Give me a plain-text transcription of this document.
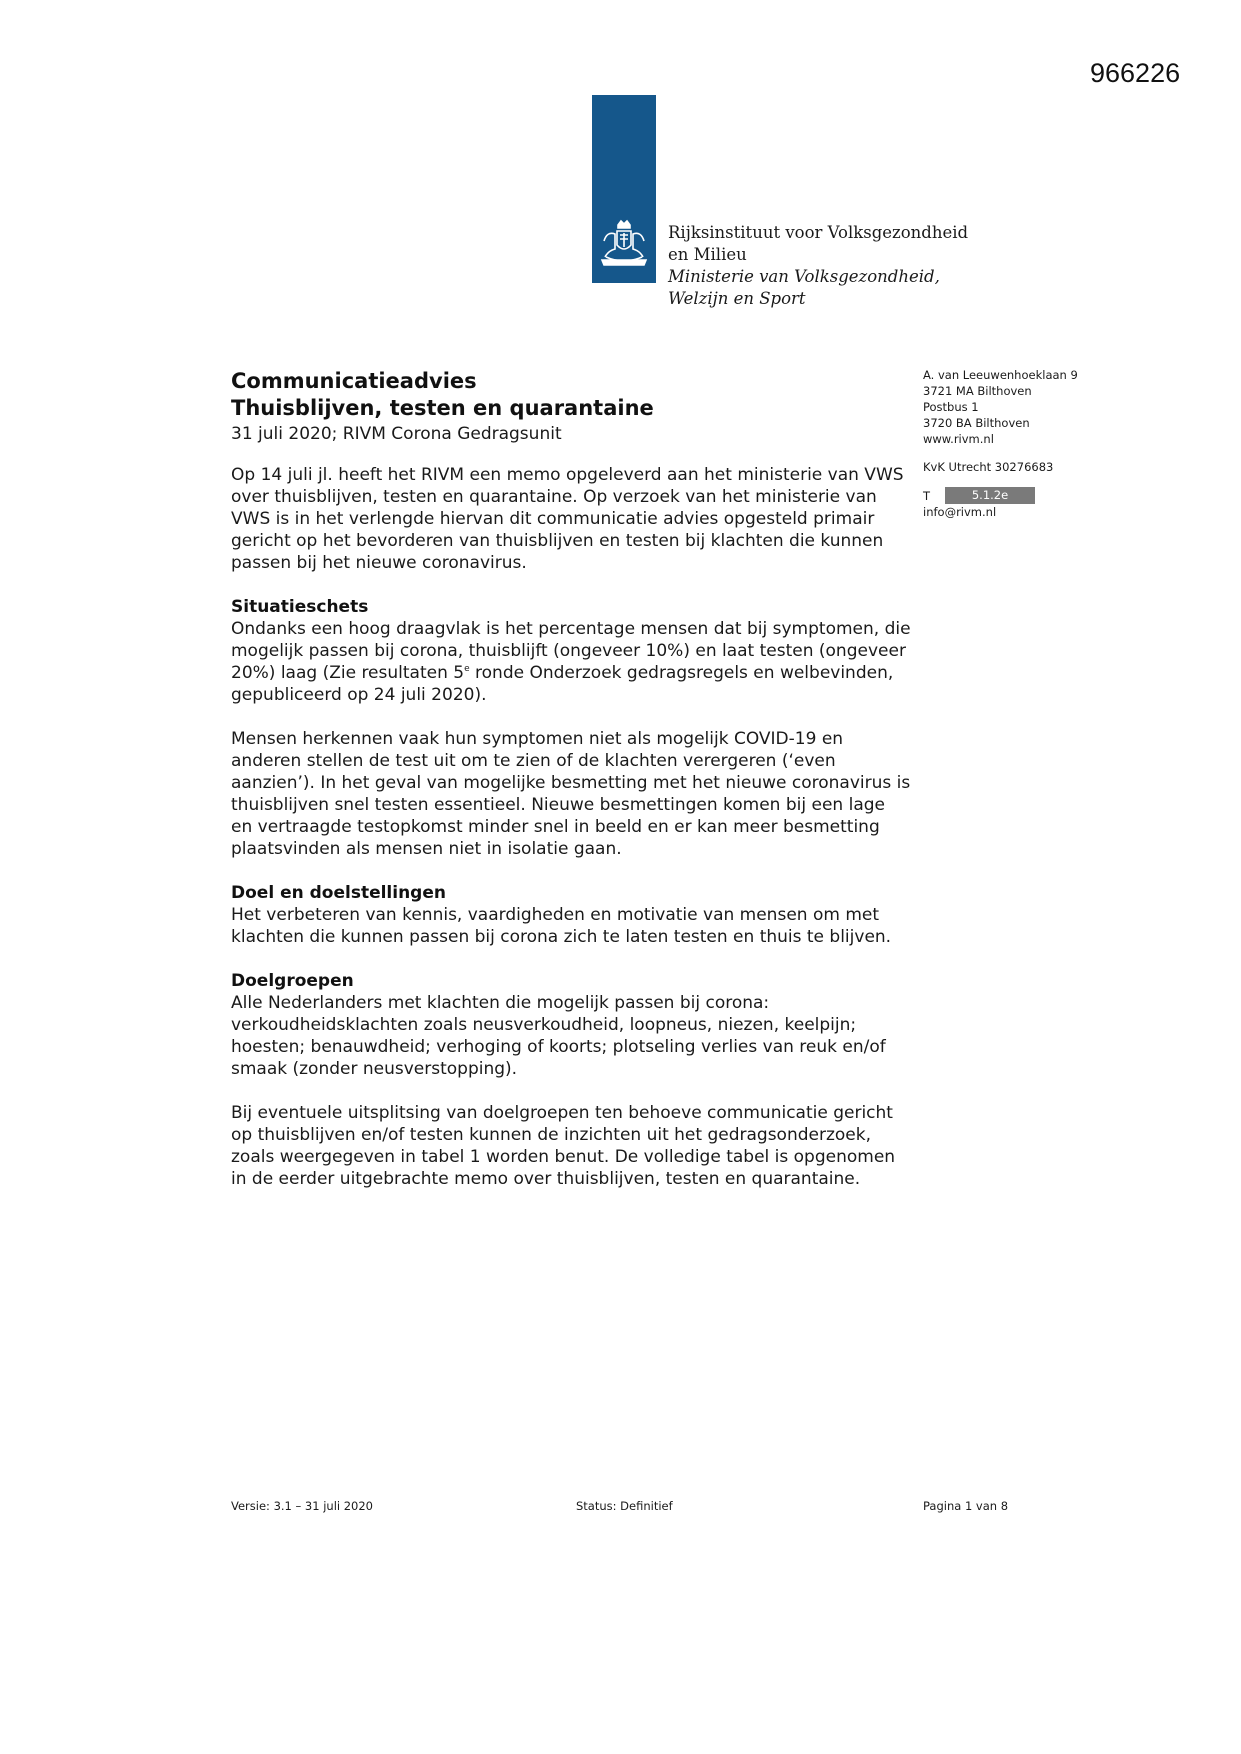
966226
Rijksinstituut voor Volksgezondheid
en Milieu
Ministerie van Volksgezondheid,
Welzijn en Sport
Communicatieadvies
Thuisblijven, testen en quarantaine
31 juli 2020; RIVM Corona Gedragsunit

Op 14 juli jl. heeft het RIVM een memo opgeleverd aan het ministerie van VWS over thuisblijven, testen en quarantaine. Op verzoek van het ministerie van VWS is in het verlengde hiervan dit communicatie advies opgesteld primair gericht op het bevorderen van thuisblijven en testen bij klachten die kunnen passen bij het nieuwe coronavirus.

Situatieschets

Ondanks een hoog draagvlak is het percentage mensen dat bij symptomen, die mogelijk passen bij corona, thuisblijft (ongeveer 10%) en laat testen (ongeveer 20%) laag (Zie resultaten 5e ronde Onderzoek gedragsregels en welbevinden, gepubliceerd op 24 juli 2020).

Mensen herkennen vaak hun symptomen niet als mogelijk COVID-19 en anderen stellen de test uit om te zien of de klachten verergeren (‘even aanzien’). In het geval van mogelijke besmetting met het nieuwe coronavirus is thuisblijven snel testen essentieel. Nieuwe besmettingen komen bij een lage en vertraagde testopkomst minder snel in beeld en er kan meer besmetting plaatsvinden als mensen niet in isolatie gaan.

Doel en doelstellingen

Het verbeteren van kennis, vaardigheden en motivatie van mensen om met klachten die kunnen passen bij corona zich te laten testen en thuis te blijven.

Doelgroepen

Alle Nederlanders met klachten die mogelijk passen bij corona: verkoudheidsklachten zoals neusverkoudheid, loopneus, niezen, keelpijn; hoesten; benauwdheid; verhoging of koorts; plotseling verlies van reuk en/of smaak (zonder neusverstopping).

Bij eventuele uitsplitsing van doelgroepen ten behoeve communicatie gericht op thuisblijven en/of testen kunnen de inzichten uit het gedragsonderzoek, zoals weergegeven in tabel 1 worden benut. De volledige tabel is opgenomen in de eerder uitgebrachte memo over thuisblijven, testen en quarantaine.

A. van Leeuwenhoeklaan 9
3721 MA Bilthoven
Postbus 1
3720 BA Bilthoven
www.rivm.nl
KvK Utrecht 30276683
T	5.1.2e
info@rivm.nl
Versie: 3.1 – 31 juli 2020	Status: Definitief	Pagina 1 van 8
